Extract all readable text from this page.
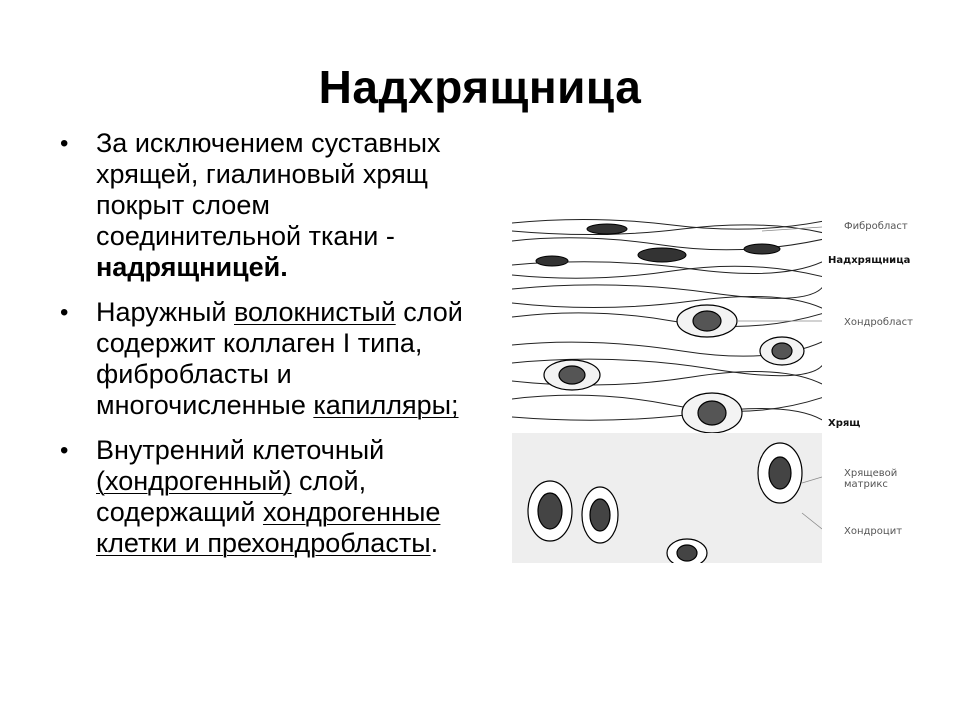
Надхрящница
• За исключением суставных хрящей, гиалиновый хрящ покрыт слоем соединительной ткани - надрящницей.
• Наружный волокнистый слой содержит коллаген I типа, фибробласты и многочисленные капилляры;
• Внутренний клеточный (хондрогенный) слой, содержащий хондрогенные клетки и прехондробласты.
Фибробласт
Надхрящница
Хондробласт
Хрящ
Хрящевой
матрикс
Хондроцит
